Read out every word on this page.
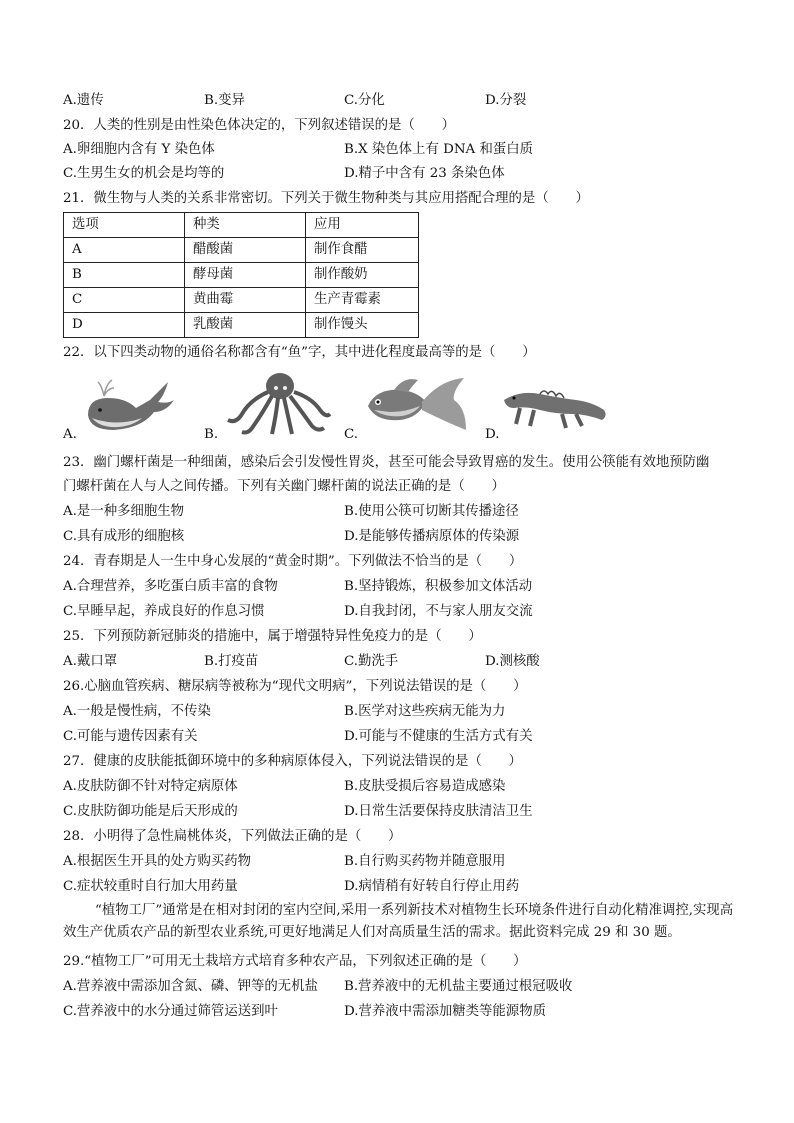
A.遗传	B.变异	C.分化	D.分裂
20．人类的性别是由性染色体决定的，下列叙述错误的是（　　）
A.卵细胞内含有 Y 染色体	B.X 染色体上有 DNA 和蛋白质
C.生男生女的机会是均等的	D.精子中含有 23 条染色体
21．微生物与人类的关系非常密切。下列关于微生物种类与其应用搭配合理的是（　　）
选项	种类	应用
A	醋酸菌	制作食醋
B	酵母菌	制作酸奶
C	黄曲霉	生产青霉素
D	乳酸菌	制作馒头
22．以下四类动物的通俗名称都含有“鱼”字，其中进化程度最高等的是（　　）
A.	B.	C.	D.
23．幽门螺杆菌是一种细菌，感染后会引发慢性胃炎，甚至可能会导致胃癌的发生。使用公筷能有效地预防幽
门螺杆菌在人与人之间传播。下列有关幽门螺杆菌的说法正确的是（　　）
A.是一种多细胞生物	B.使用公筷可切断其传播途径
C.具有成形的细胞核	D.是能够传播病原体的传染源
24．青春期是人一生中身心发展的“黄金时期”。下列做法不恰当的是（　　）
A.合理营养，多吃蛋白质丰富的食物	B.坚持锻炼，积极参加文体活动
C.早睡早起，养成良好的作息习惯	D.自我封闭，不与家人朋友交流
25．下列预防新冠肺炎的措施中，属于增强特异性免疫力的是（　　）
A.戴口罩	B.打疫苗	C.勤洗手	D.测核酸
26.心脑血管疾病、糖尿病等被称为“现代文明病”，下列说法错误的是（　　）
A.一般是慢性病，不传染	B.医学对这些疾病无能为力
C.可能与遗传因素有关	D.可能与不健康的生活方式有关
27．健康的皮肤能抵御环境中的多种病原体侵入，下列说法错误的是（　　）
A.皮肤防御不针对特定病原体	B.皮肤受损后容易造成感染
C.皮肤防御功能是后天形成的	D.日常生活要保持皮肤清洁卫生
28．小明得了急性扁桃体炎，下列做法正确的是（　　）
A.根据医生开具的处方购买药物	B.自行购买药物并随意服用
C.症状较重时自行加大用药量	D.病情稍有好转自行停止用药
“植物工厂”通常是在相对封闭的室内空间,采用一系列新技术对植物生长环境条件进行自动化精准调控,实现高效生产优质农产品的新型农业系统,可更好地满足人们对高质量生活的需求。据此资料完成 29 和 30 题。
29.“植物工厂”可用无土栽培方式培育多种农产品，下列叙述正确的是（　　）
A.营养液中需添加含氮、磷、钾等的无机盐 B.营养液中的无机盐主要通过根冠吸收
C.营养液中的水分通过筛管运送到叶	D.营养液中需添加糖类等能源物质
